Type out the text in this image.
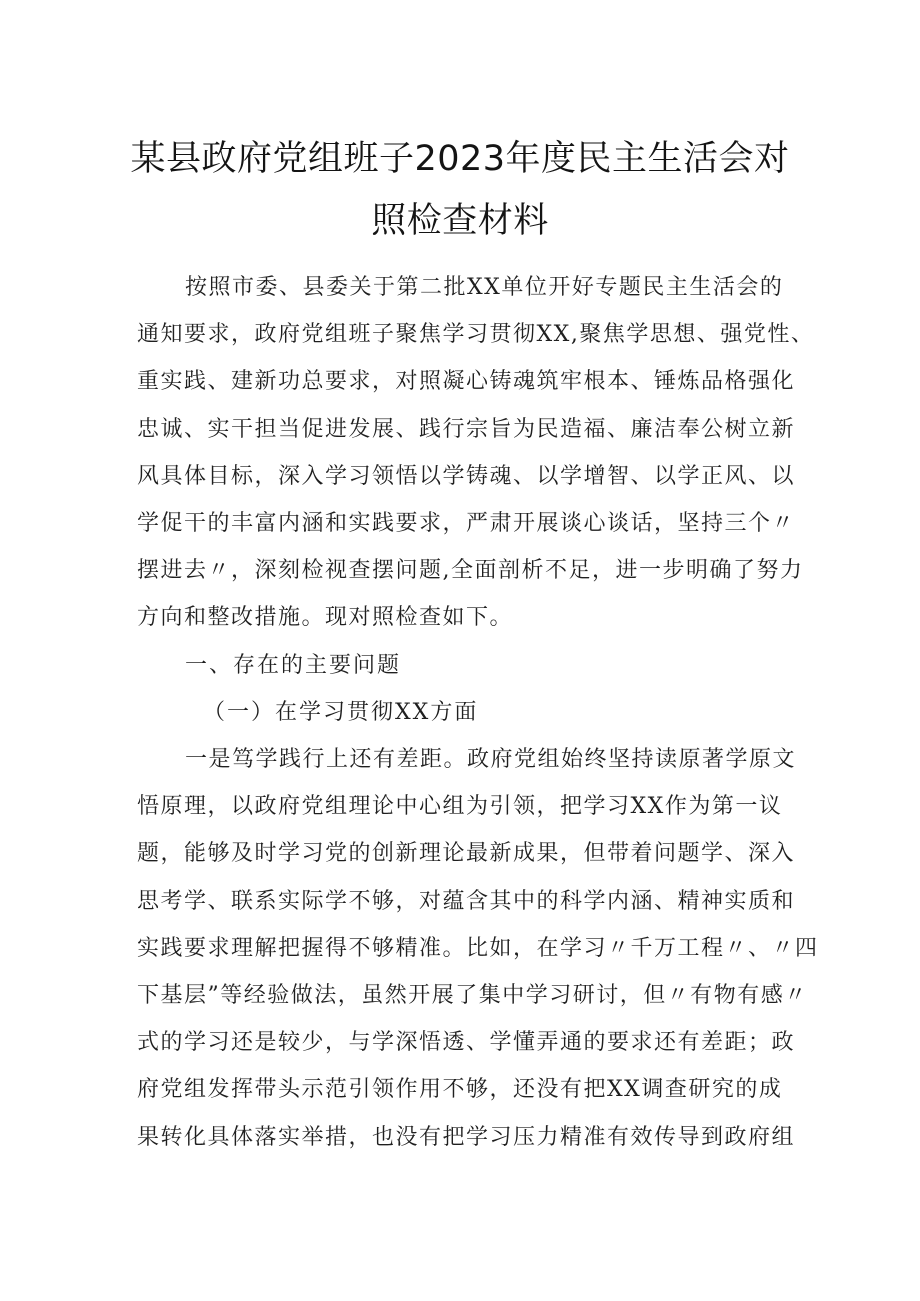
某县政府党组班子2023年度民主生活会对
照检查材料

按照市委、县委关于第二批XX单位开好专题民主生活会的
通知要求，政府党组班子聚焦学习贯彻XX,聚焦学思想、强党性、
重实践、建新功总要求，对照凝心铸魂筑牢根本、锤炼品格强化
忠诚、实干担当促进发展、践行宗旨为民造福、廉洁奉公树立新
风具体目标，深入学习领悟以学铸魂、以学增智、以学正风、以
学促干的丰富内涵和实践要求，严肃开展谈心谈话，坚持三个〃
摆进去〃，深刻检视查摆问题,全面剖析不足，进一步明确了努力
方向和整改措施。现对照检查如下。

一、存在的主要问题

（一）在学习贯彻XX方面

一是笃学践行上还有差距。政府党组始终坚持读原著学原文
悟原理，以政府党组理论中心组为引领，把学习XX作为第一议
题，能够及时学习党的创新理论最新成果，但带着问题学、深入
思考学、联系实际学不够，对蕴含其中的科学内涵、精神实质和
实践要求理解把握得不够精准。比如，在学习〃千万工程〃、〃四
下基层”等经验做法，虽然开展了集中学习研讨，但〃有物有感〃
式的学习还是较少，与学深悟透、学懂弄通的要求还有差距；政
府党组发挥带头示范引领作用不够，还没有把XX调查研究的成
果转化具体落实举措，也没有把学习压力精准有效传导到政府组
